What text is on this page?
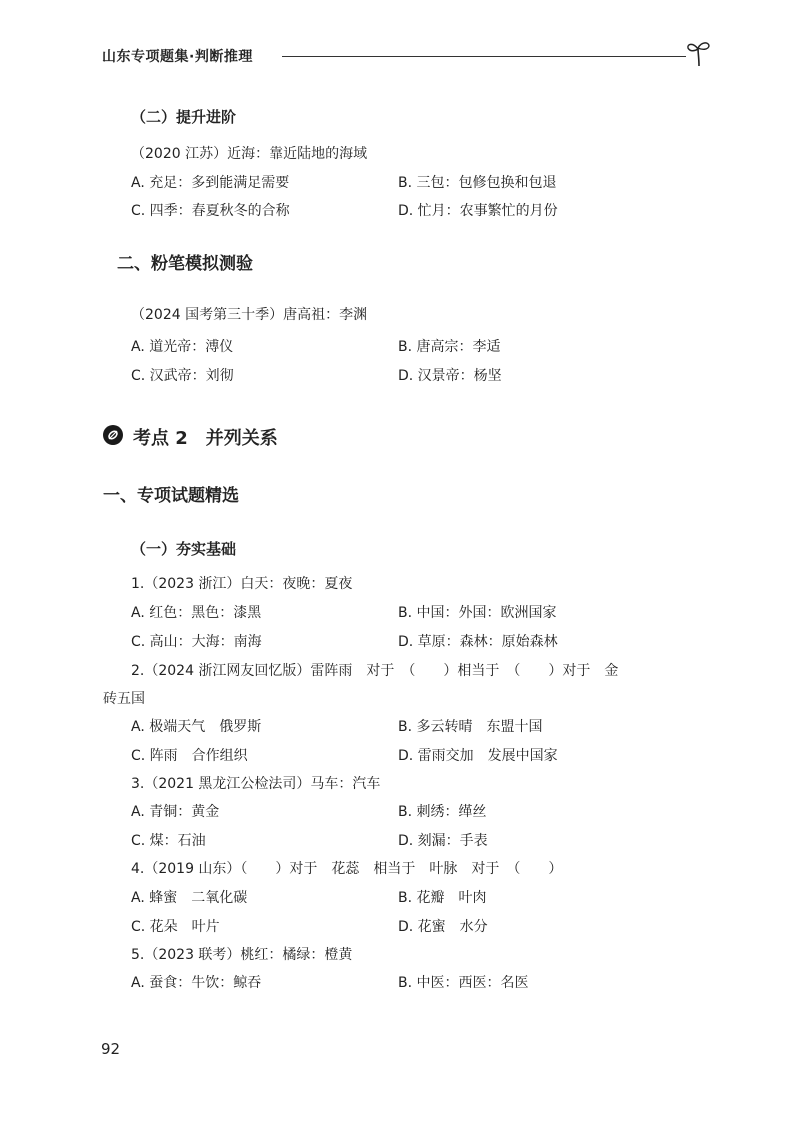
山东专项题集·判断推理
（二）提升进阶
（2020 江苏）近海：靠近陆地的海域
A. 充足：多到能满足需要	B. 三包：包修包换和包退
C. 四季：春夏秋冬的合称	D. 忙月：农事繁忙的月份
二、粉笔模拟测验
（2024 国考第三十季）唐高祖：李渊
A. 道光帝：溥仪	B. 唐高宗：李适
C. 汉武帝：刘彻	D. 汉景帝：杨坚
考点 2　并列关系
一、专项试题精选
（一）夯实基础
1.（2023 浙江）白天：夜晚：夏夜
A. 红色：黑色：漆黑	B. 中国：外国：欧洲国家
C. 高山：大海：南海	D. 草原：森林：原始森林
2.（2024 浙江网友回忆版）雷阵雨　对于　（　　）相当于　（　　）对于　金
砖五国
A. 极端天气　俄罗斯	B. 多云转晴　东盟十国
C. 阵雨　合作组织	D. 雷雨交加　发展中国家
3.（2021 黑龙江公检法司）马车：汽车
A. 青铜：黄金	B. 刺绣：缂丝
C. 煤：石油	D. 刻漏：手表
4.（2019 山东）（　　）对于　花蕊　相当于　叶脉　对于　（　　）
A. 蜂蜜　二氧化碳	B. 花瓣　叶肉
C. 花朵　叶片	D. 花蜜　水分
5.（2023 联考）桃红：橘绿：橙黄
A. 蚕食：牛饮：鲸吞	B. 中医：西医：名医
92
